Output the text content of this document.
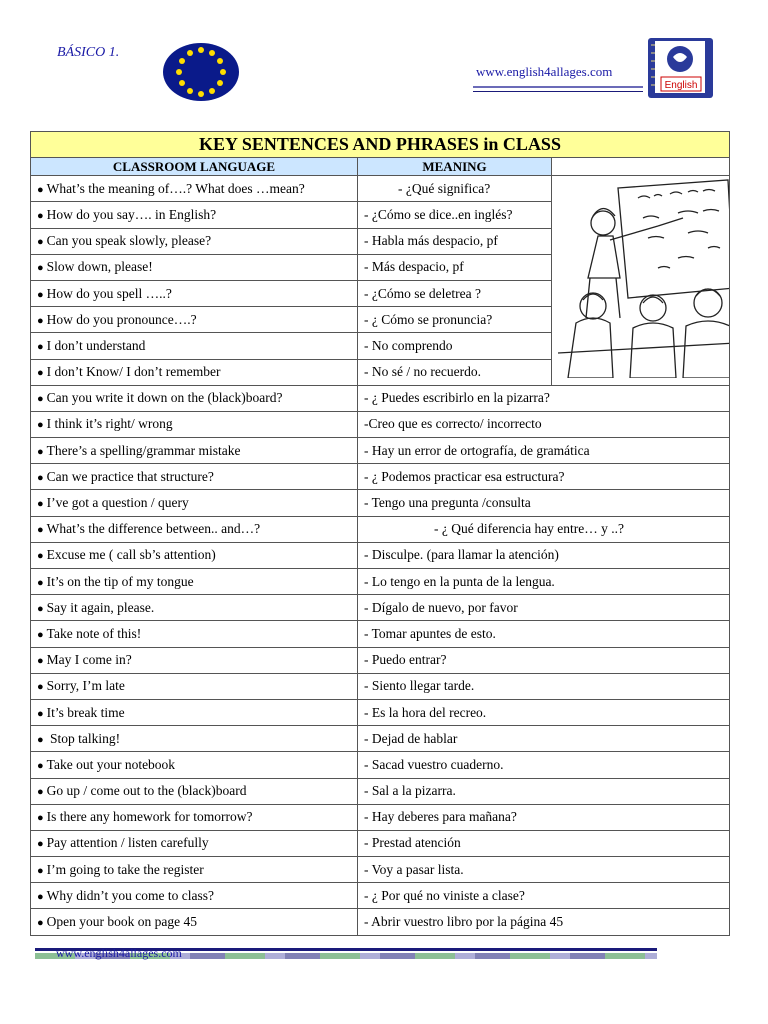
BÁSICO 1.
www.english4allages.com
English
KEY SENTENCES AND PHRASES in CLASS		
CLASSROOM LANGUAGE	MEANING	
● What’s the meaning of….? What does …mean?	- ¿Qué significa?	
● How do you say…. in English?	- ¿Cómo se dice..en inglés?	
● Can you speak slowly, please?	- Habla más despacio, pf	
● Slow down, please!	- Más despacio, pf	
● How do you spell …..?	- ¿Cómo se deletrea ?	
● How do you pronounce….?	- ¿ Cómo se pronuncia?	
● I don’t understand	- No comprendo	
● I don’t Know/ I don’t remember	- No sé / no recuerdo.	
● Can you write it down on the (black)board?	- ¿ Puedes escribirlo en la pizarra?	
● I think it’s right/ wrong	-Creo que es correcto/ incorrecto	
● There’s a spelling/grammar mistake	- Hay un error de ortografía, de gramática	
● Can we practice that structure?	- ¿ Podemos practicar esa estructura?	
● I’ve got a question / query	- Tengo una pregunta /consulta	
● What’s the difference between.. and…?	- ¿ Qué diferencia hay entre… y ..?	
● Excuse me ( call sb’s attention)	- Disculpe. (para llamar la atención)	
● It’s on the tip of my tongue	- Lo tengo en la punta de la lengua.	
● Say it again, please.	- Dígalo de nuevo, por favor	
● Take note of this!	- Tomar apuntes de esto.	
● May I come in?	- Puedo entrar?	
● Sorry, I’m late	- Siento llegar tarde.	
● It’s break time	- Es la hora del recreo.	
● Stop talking!	- Dejad de hablar	
● Take out your notebook	- Sacad vuestro cuaderno.	
● Go up / come out to the (black)board	- Sal a la pizarra.	
● Is there any homework for tomorrow?	- Hay deberes para mañana?	
● Pay attention / listen carefully	- Prestad atención	
● I’m going to take the register	- Voy a pasar lista.	
● Why didn’t you come to class?	- ¿ Por qué no viniste a clase?	
● Open your book on page 45	- Abrir vuestro libro por la página 45	
www.english4allages.com
